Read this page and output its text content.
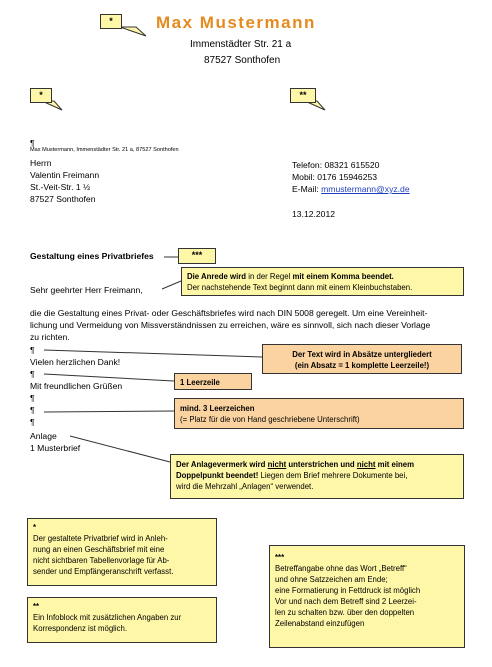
*	Max Mustermann
Immenstädter Str. 21 a
87527 Sonthofen
*	**
¶
Max Mustermann, Immenstädter Str. 21 a, 87527 Sonthofen
Herrn
Valentin Freimann
St.-Veit-Str. 1 ½
87527 Sonthofen
Telefon: 08321 615520
Mobil: 0176 15946253
E-Mail: mmustermann@xyz.de
13.12.2012
Gestaltung eines Privatbriefes	***
Die Anrede wird in der Regel mit einem Komma beendet.
Der nachstehende Text beginnt dann mit einem Kleinbuchstaben.
Sehr geehrter Herr Freimann,
die die Gestaltung eines Privat- oder Geschäftsbriefes wird nach DIN 5008 geregelt. Um eine Vereinheit-
lichung und Vermeidung von Missverständnissen zu erreichen, wäre es sinnvoll, sich nach dieser Vorlage
zu richten.
¶
Vielen herzlichen Dank!
¶
Mit freundlichen Grüßen
¶
¶
¶
Anlage
1 Musterbrief
Der Text wird in Absätze untergliedert
(ein Absatz = 1 komplette Leerzeile!)
1 Leerzeile
mind. 3 Leerzeichen
(= Platz für die von Hand geschriebene Unterschrift)
Der Anlagevermerk wird nicht unterstrichen und nicht mit einem
Doppelpunkt beendet! Liegen dem Brief mehrere Dokumente bei,
wird die Mehrzahl „Anlagen“ verwendet.
*
Der gestaltete Privatbrief wird in Anleh-
nung an einen Geschäftsbrief mit eine
nicht sichtbaren Tabellenvorlage für Ab-
sender und Empfängeranschrift verfasst.
**
Ein Infoblock mit zusätzlichen Angaben zur
Korrespondenz ist möglich.
***
Betreffangabe ohne das Wort „Betreff“
und ohne Satzzeichen am Ende;
eine Formatierung in Fettdruck ist möglich
Vor und nach dem Betreff sind 2 Leerzei-
len zu schalten bzw. über den doppelten
Zeilenabstand einzufügen
